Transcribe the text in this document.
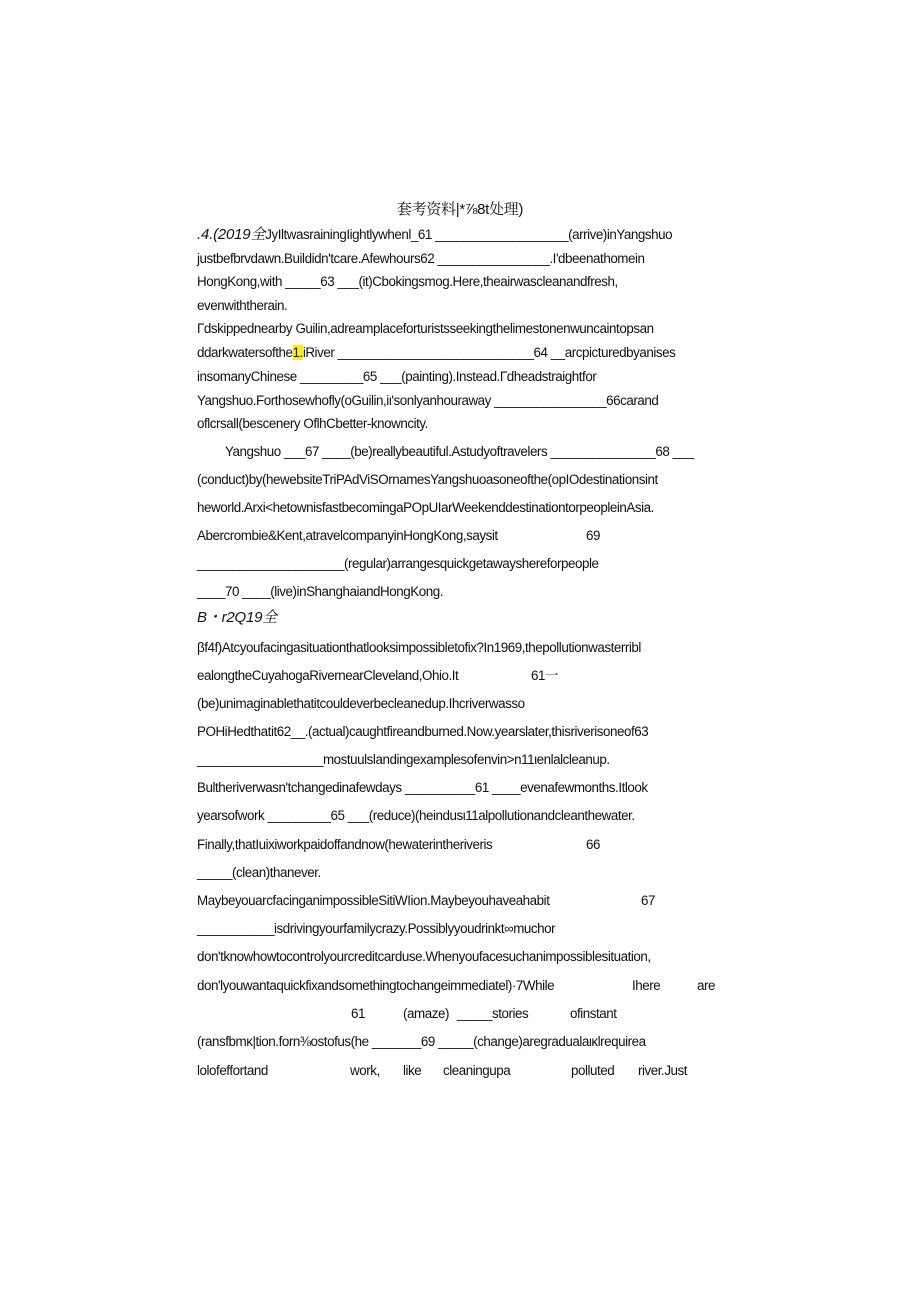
套考资料|*⅞8t处理)
.4.(2019全JyIltwasrainingIightlywhenl_61 ___________________(arrive)inYangshuo
justbefbrvdawn.Buildidn'tcare.Afewhours62 ________________.I'dbeenathomein
HongKong,with _____63 ___(it)Cbokingsmog.Here,theairwascleanandfresh,
evenwiththerain.
Γdskippednearby Guilin,adreamplaceforturistsseekingthelimestonenwuncaintopsan
ddarkwatersofthe1.iRiver ____________________________64 __arcpicturedbyanises
insomanyChinese _________65 ___(painting).Instead.Γdheadstraightfor
Yangshuo.Forthosewhofly(oGuilin,iι'sonlyanhouraway ________________66carand
oflcrsall(bescenery OflhCbetter-knowncity.
Yangshuo ___67 ____(be)reallybeautiful.Astudyoftravelers _______________68 ___
(conduct)by(hewebsiteTriPAdViSOrnamesYangshuoasoneofthe(opIOdestinationsint
heworld.Arxi<hetownisfastbecomingaPOpUIarWeekenddestinationtorpeopleinAsia.
Abercrombie&Kent,atravelcompanyinHongKong,saysit	69
_____________________(regular)arrangesquickgetawayshereforpeople
____70 ____(live)inShanghaiandHongKong.
B・r2Q19全
βf4f)Atcyoufacingasituationthatlooksimpossibletofix?In1969,thepollutionwasterribl
ealongtheCuyahogaRivernearCleveland,Ohio.It	61一
(be)unimaginablethatitcouldeverbecleanedup.Ihcriverwasso
POHiHedthatit62__.(actual)caughtfireandburned.Now.yearslater,thisriverisoneof63
__________________mostuulslandingexamplesofenvin>n11ιenlalcleanup.
Bultheriverwasn'tchangedinafewdays __________61 ____evenafewmonths.Itlook
yearsofwork _________65 ___(reduce)(heindusι11alpollutionandcleanthewater.
Finally,thatIuixiworkpaidoffandnow(hewaterintheriveris	66
_____(clean)thanever.
MaybeyouarcfacinganimpossibleSitiWIion.Maybeyouhaveahabit	67
___________isdrivingyourfamilycrazy.Possiblyyoudrinkt∞muchor
don'tknowhowtocontrolyourcreditcarduse.Whenyoufacesuchanimpossiblesituation,
don'lyouwantaquickfixandsomethingtochangeimmediatel)·7While	Ihere	are
61	(amaze) _____stories	ofinstant
(ransfbmκ|tion.forn⅜ostofus(he _______69 _____(change)aregradualaικlrequirea
lolofeffortand	work, like cleaningupa	polluted river.Just
